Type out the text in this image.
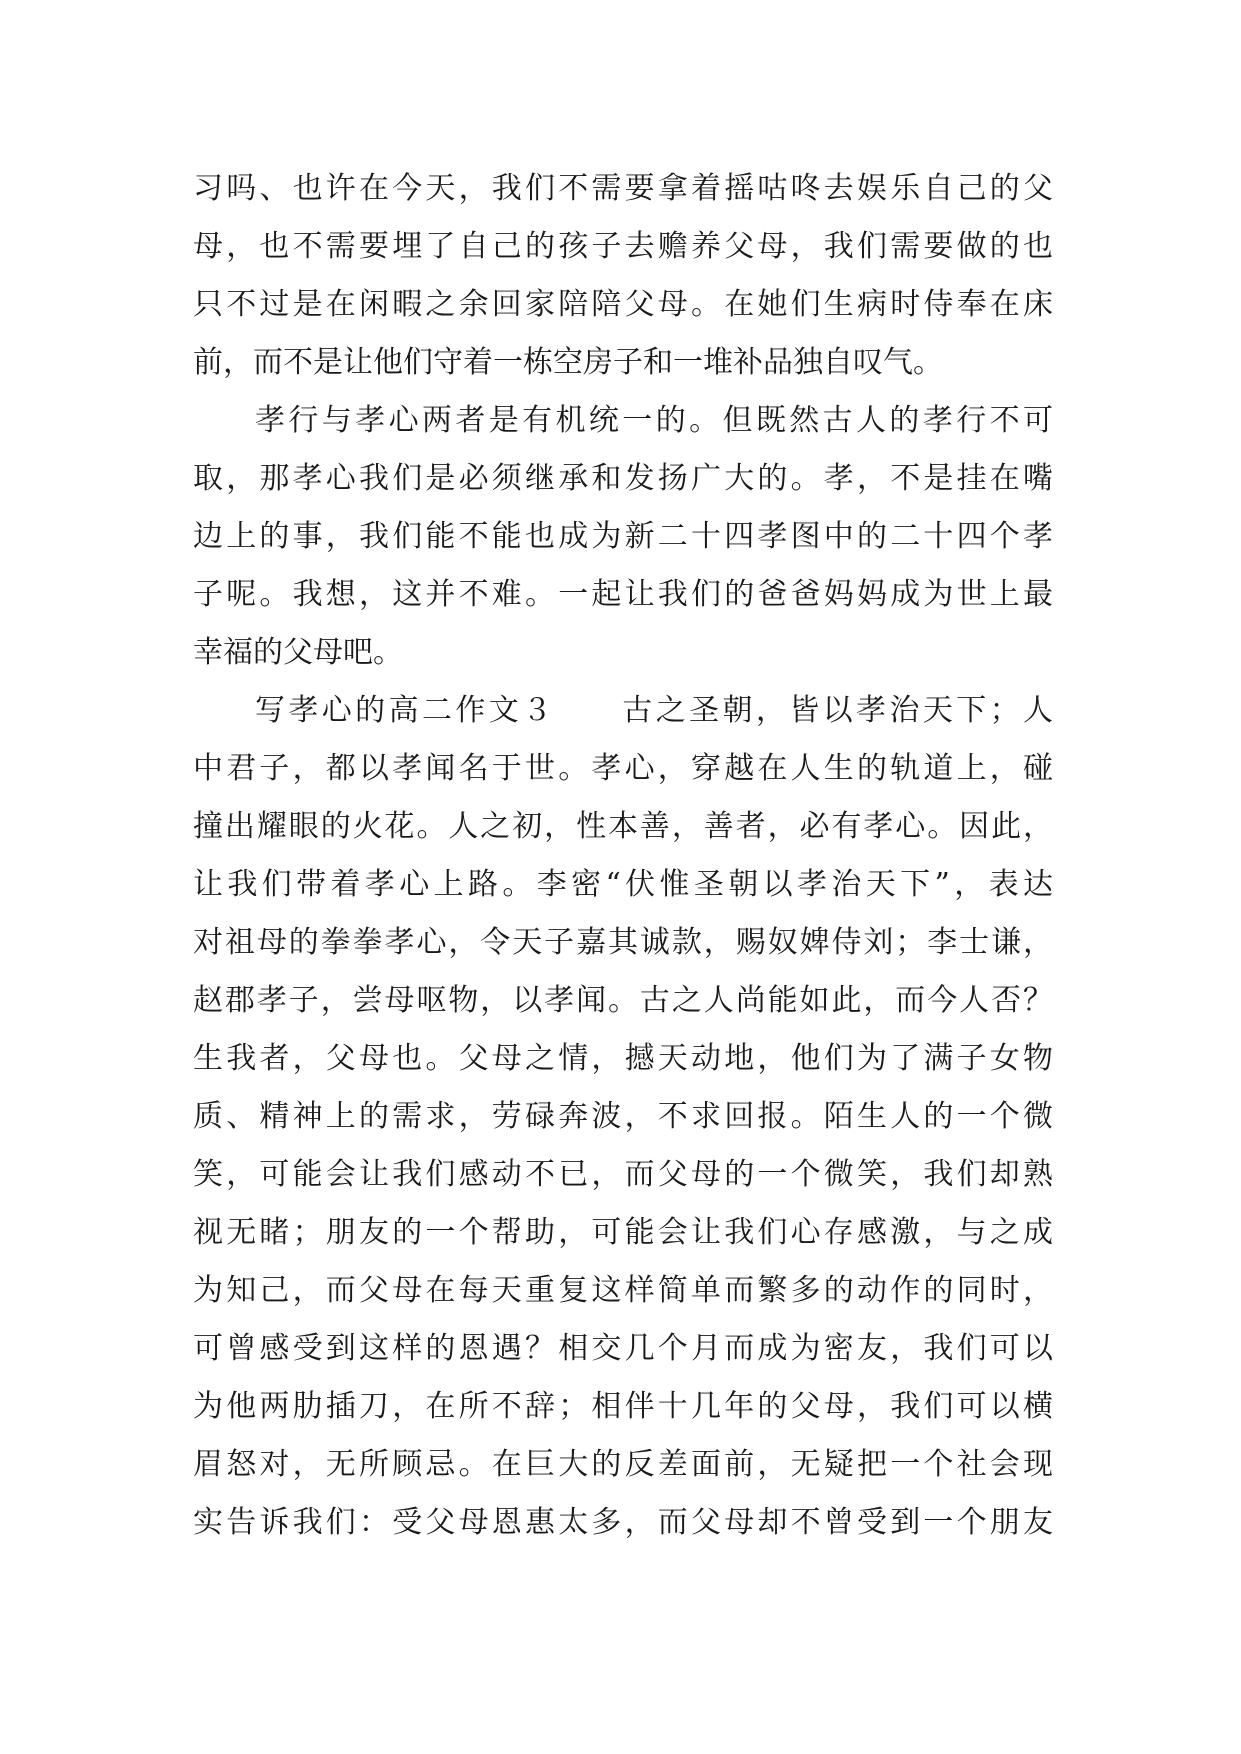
习吗、也许在今天，我们不需要拿着摇咕咚去娱乐自己的父
母，也不需要埋了自己的孩子去赡养父母，我们需要做的也
只不过是在闲暇之余回家陪陪父母。在她们生病时侍奉在床
前，而不是让他们守着一栋空房子和一堆补品独自叹气。
孝行与孝心两者是有机统一的。但既然古人的孝行不可
取，那孝心我们是必须继承和发扬广大的。孝，不是挂在嘴
边上的事，我们能不能也成为新二十四孝图中的二十四个孝
子呢。我想，这并不难。一起让我们的爸爸妈妈成为世上最
幸福的父母吧。
写孝心的高二作文３　　古之圣朝，皆以孝治天下；人
中君子，都以孝闻名于世。孝心，穿越在人生的轨道上，碰
撞出耀眼的火花。人之初，性本善，善者，必有孝心。因此，
让我们带着孝心上路。李密“伏惟圣朝以孝治天下”，表达
对祖母的拳拳孝心，令天子嘉其诚款，赐奴婢侍刘；李士谦，
赵郡孝子，尝母呕物，以孝闻。古之人尚能如此，而今人否？
生我者，父母也。父母之情，撼天动地，他们为了满子女物
质、精神上的需求，劳碌奔波，不求回报。陌生人的一个微
笑，可能会让我们感动不已，而父母的一个微笑，我们却熟
视无睹；朋友的一个帮助，可能会让我们心存感激，与之成
为知己，而父母在每天重复这样简单而繁多的动作的同时，
可曾感受到这样的恩遇？相交几个月而成为密友，我们可以
为他两肋插刀，在所不辞；相伴十几年的父母，我们可以横
眉怒对，无所顾忌。在巨大的反差面前，无疑把一个社会现
实告诉我们：受父母恩惠太多，而父母却不曾受到一个朋友
